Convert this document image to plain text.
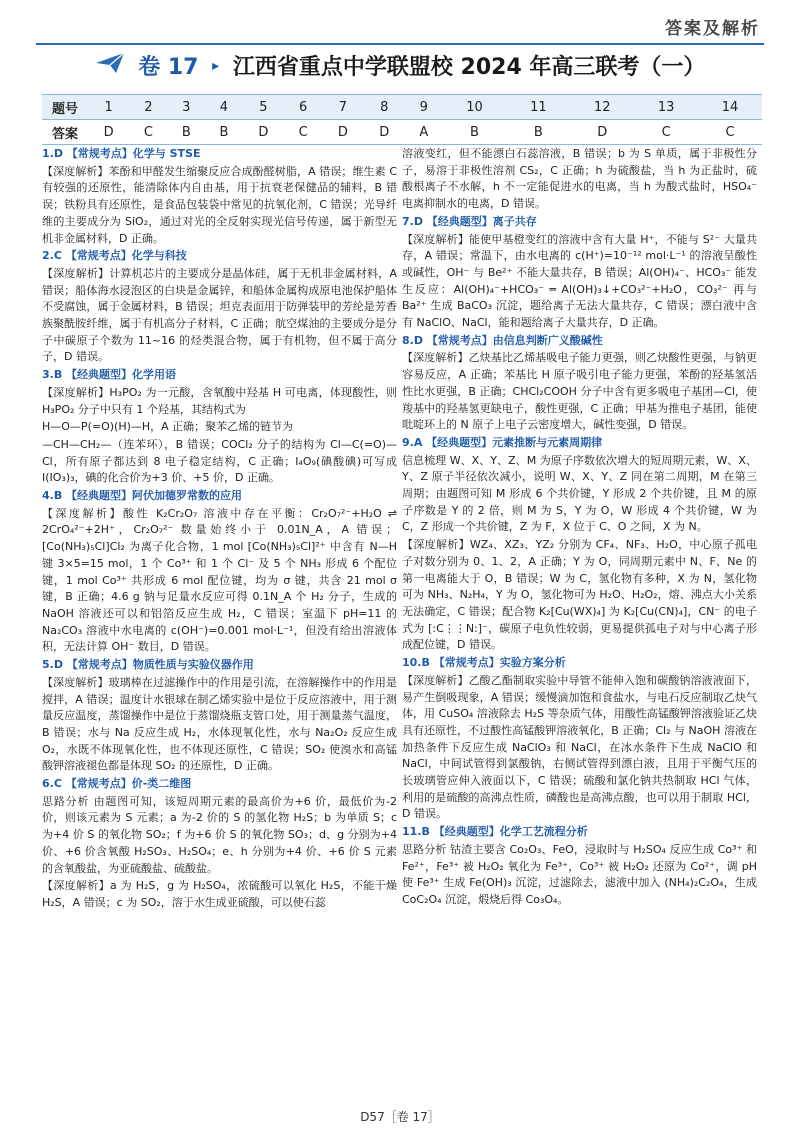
答案及解析
卷 17 ▸ 江西省重点中学联盟校 2024 年高三联考（一）
题号	1	2	3	4	5	6	7	8	9	10	11	12	13	14
答案	D	C	B	B	D	C	D	D	A	B	B	D	C	C

1.D 【常规考点】化学与 STSE

【深度解析】苯酚和甲醛发生缩聚反应合成酚醛树脂，A 错误；维生素 C 有较强的还原性，能清除体内自由基，用于抗衰老保健品的辅料，B 错误；铁粉具有还原性，是食品包装袋中常见的抗氧化剂，C 错误；光导纤维的主要成分为 SiO₂，通过对光的全反射实现光信号传递，属于新型无机非金属材料，D 正确。

2.C 【常规考点】化学与科技

【深度解析】计算机芯片的主要成分是晶体硅，属于无机非金属材料，A 错误；船体海水浸泡区的白块是金属锌，和船体金属构成原电池保护船体不受腐蚀，属于金属材料，B 错误；坦克表面用于防弹装甲的芳纶是芳香族聚酰胺纤维，属于有机高分子材料，C 正确；航空煤油的主要成分是分子中碳原子个数为 11~16 的烃类混合物，属于有机物，但不属于高分子，D 错误。

3.B 【经典题型】化学用语

【深度解析】H₃PO₂ 为一元酸，含氧酸中羟基 H 可电离，体现酸性，则 H₃PO₂ 分子中只有 1 个羟基，其结构式为

H—O—P(=O)(H)—H，A 正确；聚苯乙烯的链节为

—CH—CH₂—（连苯环），B 错误；COCl₂ 分子的结构为 Cl—C(=O)—Cl，所有原子都达到 8 电子稳定结构，C 正确；I₄O₉(碘酸碘)可写成 I(IO₃)₃，碘的化合价为+3 价、+5 价，D 正确。

4.B 【经典题型】阿伏加德罗常数的应用

【深度解析】酸性 K₂Cr₂O₇ 溶液中存在平衡：Cr₂O₇²⁻+H₂O ⇌ 2CrO₄²⁻+2H⁺，Cr₂O₇²⁻ 数量始终小于 0.01N_A，A 错误；[Co(NH₃)₅Cl]Cl₂ 为离子化合物，1 mol [Co(NH₃)₅Cl]²⁺ 中含有 N—H 键 3×5=15 mol，1 个 Co³⁺ 和 1 个 Cl⁻ 及 5 个 NH₃ 形成 6 个配位键，1 mol Co³⁺ 共形成 6 mol 配位键，均为 σ 键，共含 21 mol σ 键，B 正确；4.6 g 钠与足量水反应可得 0.1N_A 个 H₂ 分子，生成的 NaOH 溶液还可以和铝箔反应生成 H₂，C 错误；室温下 pH=11 的 Na₂CO₃ 溶液中水电离的 c(OH⁻)=0.001 mol·L⁻¹，但没有给出溶液体积，无法计算 OH⁻ 数目，D 错误。

5.D 【常规考点】物质性质与实验仪器作用

【深度解析】玻璃棒在过滤操作中的作用是引流，在溶解操作中的作用是搅拌，A 错误；温度计水银球在制乙烯实验中是位于反应溶液中，用于测量反应温度，蒸馏操作中是位于蒸馏烧瓶支管口处，用于测量蒸气温度，B 错误；水与 Na 反应生成 H₂，水体现氧化性，水与 Na₂O₂ 反应生成 O₂，水既不体现氧化性，也不体现还原性，C 错误；SO₂ 使溴水和高锰酸钾溶液褪色都是体现 SO₂ 的还原性，D 正确。

6.C 【常规考点】价-类二维图

思路分析 由题图可知，该短周期元素的最高价为+6 价，最低价为-2 价，则该元素为 S 元素；a 为-2 价的 S 的氢化物 H₂S；b 为单质 S；c 为+4 价 S 的氧化物 SO₂；f 为+6 价 S 的氧化物 SO₃；d、g 分别为+4 价、+6 价含氧酸 H₂SO₃、H₂SO₄；e、h 分别为+4 价、+6 价 S 元素的含氧酸盐，为亚硫酸盐、硫酸盐。

【深度解析】a 为 H₂S，g 为 H₂SO₄，浓硫酸可以氧化 H₂S，不能干燥 H₂S，A 错误；c 为 SO₂，溶于水生成亚硫酸，可以使石蕊

溶液变红，但不能漂白石蕊溶液，B 错误；b 为 S 单质，属于非极性分子，易溶于非极性溶剂 CS₂，C 正确；h 为硫酸盐，当 h 为正盐时，硫酸根离子不水解，h 不一定能促进水的电离，当 h 为酸式盐时，HSO₄⁻ 电离抑制水的电离，D 错误。

7.D 【经典题型】离子共存

【深度解析】能使甲基橙变红的溶液中含有大量 H⁺，不能与 S²⁻ 大量共存，A 错误；常温下，由水电离的 c(H⁺)=10⁻¹² mol·L⁻¹ 的溶液呈酸性或碱性，OH⁻ 与 Be²⁺ 不能大量共存，B 错误；Al(OH)₄⁻、HCO₃⁻ 能发生反应：Al(OH)₄⁻+HCO₃⁻ ═ Al(OH)₃↓+CO₃²⁻+H₂O，CO₃²⁻ 再与 Ba²⁺ 生成 BaCO₃ 沉淀，题给离子无法大量共存，C 错误；漂白液中含有 NaClO、NaCl，能和题给离子大量共存，D 正确。

8.D 【常规考点】由信息判断广义酸碱性

【深度解析】乙炔基比乙烯基吸电子能力更强，则乙炔酸性更强，与钠更容易反应，A 正确；苯基比 H 原子吸引电子能力更强，苯酚的羟基氢活性比水更强，B 正确；CHCl₂COOH 分子中含有更多吸电子基团—Cl，使羧基中的羟基氢更缺电子，酸性更强，C 正确；甲基为推电子基团，能使吡啶环上的 N 原子上电子云密度增大，碱性变强，D 错误。

9.A 【经典题型】元素推断与元素周期律

信息梳理 W、X、Y、Z、M 为原子序数依次增大的短周期元素，W、X、Y、Z 原子半径依次减小，说明 W、X、Y、Z 同在第二周期，M 在第三周期；由题图可知 M 形成 6 个共价键，Y 形成 2 个共价键，且 M 的原子序数是 Y 的 2 倍，则 M 为 S，Y 为 O，W 形成 4 个共价键，W 为 C，Z 形成一个共价键，Z 为 F，X 位于 C、O 之间，X 为 N。

【深度解析】WZ₄、XZ₃、YZ₂ 分别为 CF₄、NF₃、H₂O，中心原子孤电子对数分别为 0、1、2，A 正确；Y 为 O，同周期元素中 N、F、Ne 的第一电离能大于 O，B 错误；W 为 C，氢化物有多种，X 为 N，氢化物可为 NH₃、N₂H₄，Y 为 O，氢化物可为 H₂O、H₂O₂，熔、沸点大小关系无法确定，C 错误；配合物 K₂[Cu(WX)₄] 为 K₂[Cu(CN)₄]，CN⁻ 的电子式为 [:C⋮⋮N:]⁻，碳原子电负性较弱，更易提供孤电子对与中心离子形成配位键，D 错误。

10.B 【常规考点】实验方案分析

【深度解析】乙酸乙酯制取实验中导管不能伸入饱和碳酸钠溶液液面下，易产生倒吸现象，A 错误；缓慢滴加饱和食盐水，与电石反应制取乙炔气体，用 CuSO₄ 溶液除去 H₂S 等杂质气体，用酸性高锰酸钾溶液验证乙炔具有还原性，不过酸性高锰酸钾溶液氧化，B 正确；Cl₂ 与 NaOH 溶液在加热条件下反应生成 NaClO₃ 和 NaCl，在冰水条件下生成 NaClO 和 NaCl，中间试管得到氯酸钠，右侧试管得到漂白液，且用于平衡气压的长玻璃管应伸入液面以下，C 错误；硫酸和氯化钠共热制取 HCl 气体，利用的是硫酸的高沸点性质，磷酸也是高沸点酸，也可以用于制取 HCl，D 错误。

11.B 【经典题型】化学工艺流程分析

思路分析 钴渣主要含 Co₂O₃、FeO，浸取时与 H₂SO₄ 反应生成 Co³⁺ 和 Fe²⁺，Fe³⁺ 被 H₂O₂ 氧化为 Fe³⁺，Co³⁺ 被 H₂O₂ 还原为 Co²⁺，调 pH 使 Fe³⁺ 生成 Fe(OH)₃ 沉淀，过滤除去，滤液中加入 (NH₄)₂C₂O₄，生成 CoC₂O₄ 沉淀，煅烧后得 Co₃O₄。

D57［卷 17］
